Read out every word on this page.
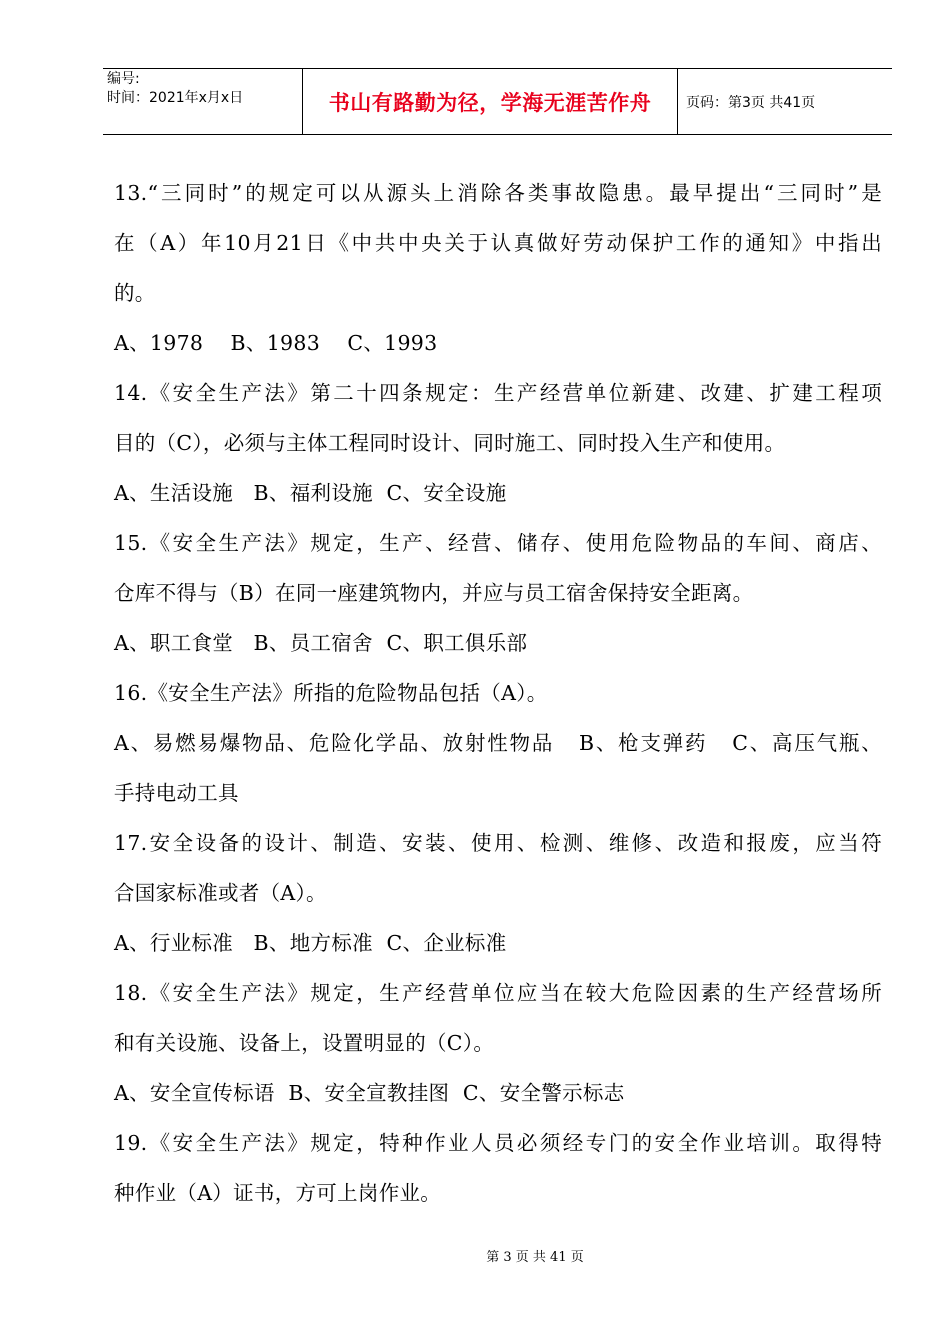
编号:
时间：2021年x月x日	书山有路勤为径，学海无涯苦作舟	页码：第3页 共41页
13.“三同时”的规定可以从源头上消除各类事故隐患。最早提出“三同时”是
在（A）年10月21日《中共中央关于认真做好劳动保护工作的通知》中指出
的。
A、1978    B、1983    C、1993
14.《安全生产法》第二十四条规定：生产经营单位新建、改建、扩建工程项
目的（C），必须与主体工程同时设计、同时施工、同时投入生产和使用。
A、生活设施   B、福利设施  C、安全设施
15.《安全生产法》规定，生产、经营、储存、使用危险物品的车间、商店、
仓库不得与（B）在同一座建筑物内，并应与员工宿舍保持安全距离。
A、职工食堂   B、员工宿舍  C、职工俱乐部
16.《安全生产法》所指的危险物品包括（A）。
A、易燃易爆物品、危险化学品、放射性物品   B、枪支弹药   C、高压气瓶、
手持电动工具
17.安全设备的设计、制造、安装、使用、检测、维修、改造和报废，应当符
合国家标准或者（A）。
A、行业标准   B、地方标准  C、企业标准
18.《安全生产法》规定，生产经营单位应当在较大危险因素的生产经营场所
和有关设施、设备上，设置明显的（C）。
A、安全宣传标语  B、安全宣教挂图  C、安全警示标志
19.《安全生产法》规定，特种作业人员必须经专门的安全作业培训。取得特
种作业（A）证书，方可上岗作业。
第 3 页 共 41 页
